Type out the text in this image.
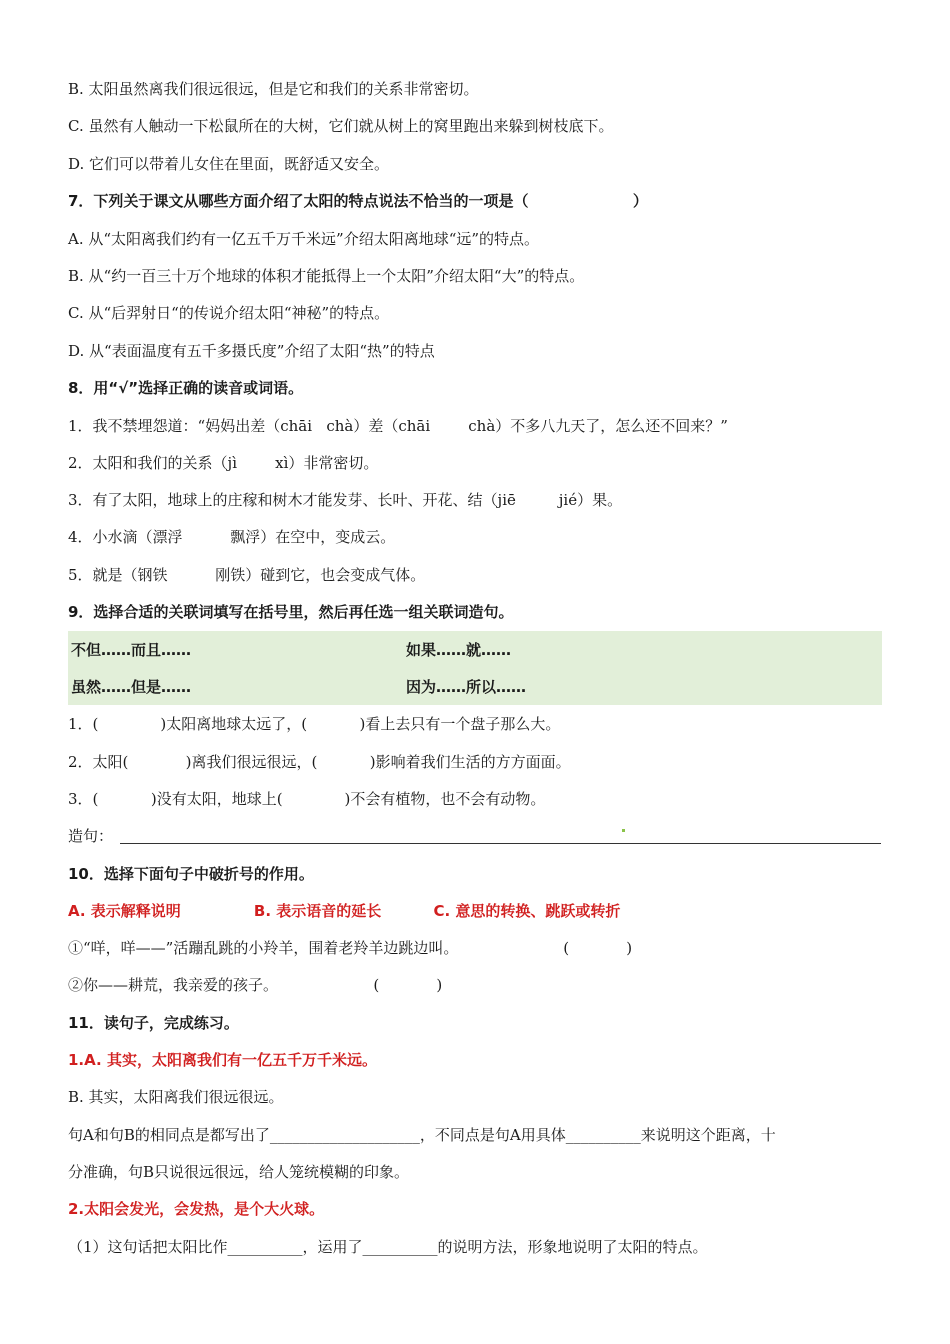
B. 太阳虽然离我们很远很远，但是它和我们的关系非常密切。
C. 虽然有人触动一下松鼠所在的大树，它们就从树上的窝里跑出来躲到树枝底下。
D. 它们可以带着儿女住在里面，既舒适又安全。
7．下列关于课文从哪些方面介绍了太阳的特点说法不恰当的一项是（                    ）
A. 从“太阳离我们约有一亿五千万千米远”介绍太阳离地球“远”的特点。
B. 从“约一百三十万个地球的体积才能抵得上一个太阳”介绍太阳“大”的特点。
C. 从“后羿射日“的传说介绍太阳“神秘”的特点。
D. 从“表面温度有五千多摄氏度”介绍了太阳“热”的特点
8．用“√”选择正确的读音或词语。
1．我不禁埋怨道：“妈妈出差（chāi   chà）差（chāi        chà）不多八九天了，怎么还不回来？”
2．太阳和我们的关系（jì        xì）非常密切。
3．有了太阳，地球上的庄稼和树木才能发芽、长叶、开花、结（jiē         jié）果。
4．小水滴（漂浮          飘浮）在空中，变成云。
5．就是（钢铁          刚铁）碰到它，也会变成气体。
9．选择合适的关联词填写在括号里，然后再任选一组关联词造句。
不但……而且……	如果……就……
虽然……但是……	因为……所以……
1．(             )太阳离地球太远了，(           )看上去只有一个盘子那么大。
2．太阳(            )离我们很远很远，(           )影响着我们生活的方方面面。
3．(           )没有太阳，地球上(             )不会有植物，也不会有动物。
造句：
10．选择下面句子中破折号的作用。
A. 表示解释说明              B. 表示语音的延长          C. 意思的转换、跳跃或转折
①“咩，咩——”活蹦乱跳的小羚羊，围着老羚羊边跳边叫。                      (            )
②你——耕荒，我亲爱的孩子。                    (            )
11．读句子，完成练习。
1.A. 其实，太阳离我们有一亿五千万千米远。
B. 其实，太阳离我们很远很远。
句A和句B的相同点是都写出了____________________，不同点是句A用具体__________来说明这个距离，十
分准确，句B只说很远很远，给人笼统模糊的印象。
2.太阳会发光，会发热，是个大火球。
（1）这句话把太阳比作__________，运用了__________的说明方法，形象地说明了太阳的特点。
